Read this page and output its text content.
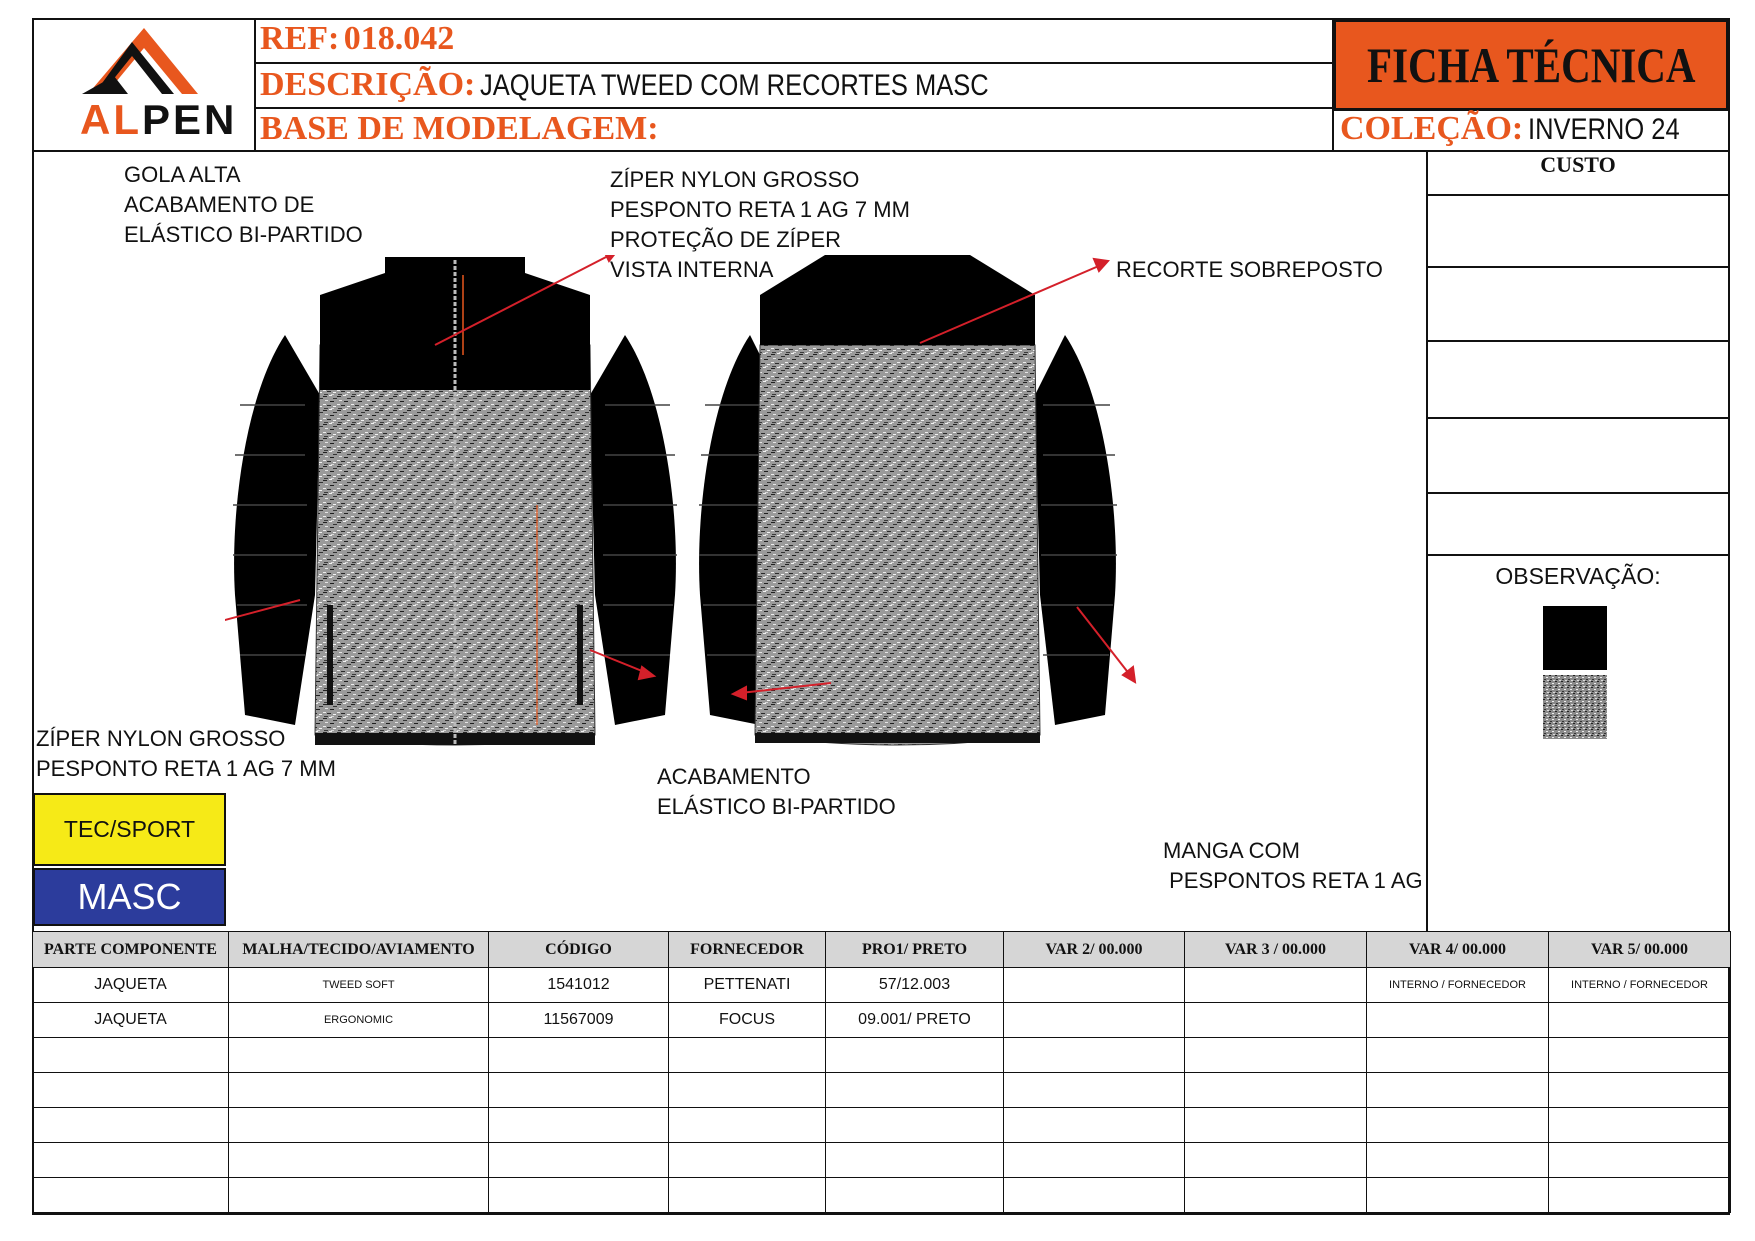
ALPEN
REF: 018.042
DESCRIÇÃO: JAQUETA TWEED COM RECORTES MASC
BASE DE MODELAGEM:
FICHA TÉCNICA
COLEÇÃO: INVERNO 24
CUSTO
OBSERVAÇÃO:
GOLA ALTA
ACABAMENTO DE
ELÁSTICO BI-PARTIDO
ZÍPER NYLON GROSSO
PESPONTO RETA 1 AG 7 MM
PROTEÇÃO DE ZÍPER
VISTA INTERNA	RECORTE SOBREPOSTO
ZÍPER NYLON GROSSO
PESPONTO RETA 1 AG 7 MM	ACABAMENTO
ELÁSTICO BI-PARTIDO

MANGA COM
PESPONTOS RETA 1 AG

TEC/SPORT
MASC
PARTE COMPONENTE	MALHA/TECIDO/AVIAMENTO	CÓDIGO	FORNECEDOR	PRO1/ PRETO	VAR 2/ 00.000	VAR 3 / 00.000	VAR 4/ 00.000	VAR 5/ 00.000
JAQUETA	TWEED SOFT	1541012	PETTENATI	57/12.003			INTERNO / FORNECEDOR	INTERNO / FORNECEDOR
JAQUETA	ERGONOMIC	11567009	FOCUS	09.001/ PRETO				
